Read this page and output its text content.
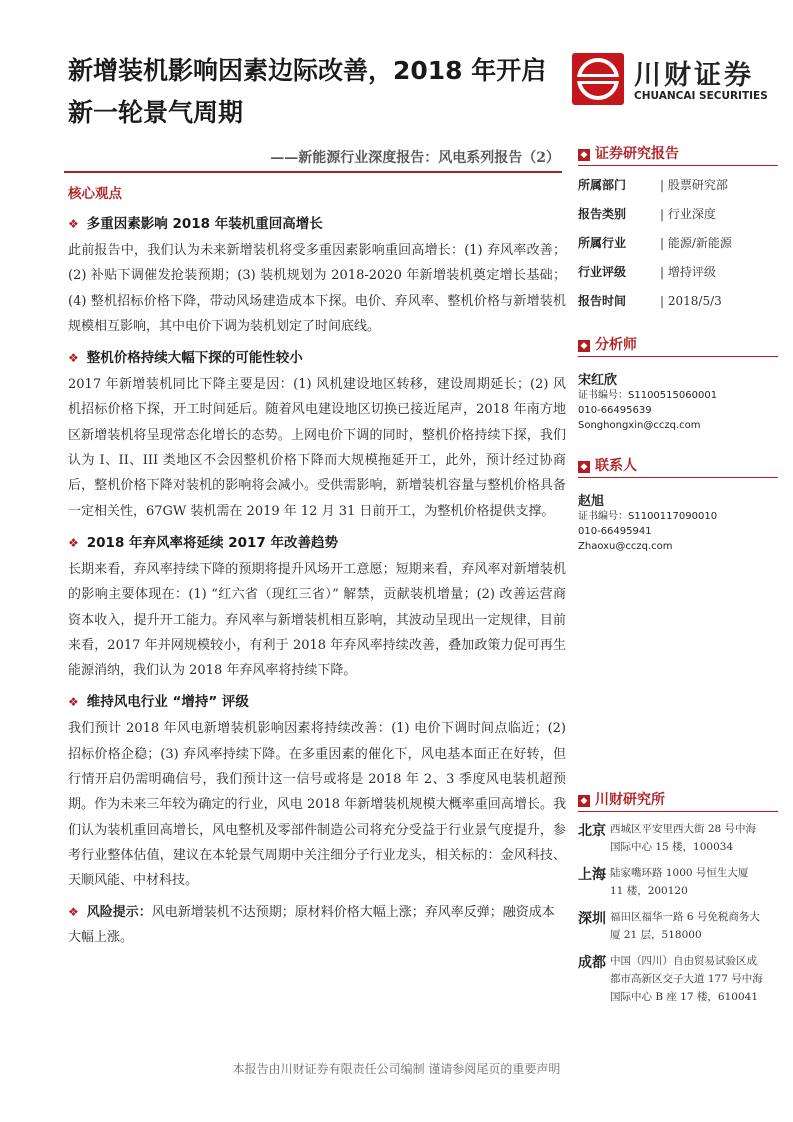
新增装机影响因素边际改善，2018 年开启
新一轮景气周期
川财证券
CHUANCAI SECURITIES
——新能源行业深度报告：风电系列报告（2）
核心观点
❖ 多重因素影响 2018 年装机重回高增长
此前报告中，我们认为未来新增装机将受多重因素影响重回高增长：(1) 弃风率改善；(2) 补贴下调催发抢装预期；(3) 装机规划为 2018-2020 年新增装机奠定增长基础；(4) 整机招标价格下降，带动风场建造成本下探。电价、弃风率、整机价格与新增装机规模相互影响，其中电价下调为装机划定了时间底线。
❖ 整机价格持续大幅下探的可能性较小
2017 年新增装机同比下降主要是因：(1) 风机建设地区转移，建设周期延长；(2) 风机招标价格下探，开工时间延后。随着风电建设地区切换已接近尾声，2018 年南方地区新增装机将呈现常态化增长的态势。上网电价下调的同时，整机价格持续下探，我们认为 I、II、III 类地区不会因整机价格下降而大规模拖延开工，此外，预计经过协商后，整机价格下降对装机的影响将会减小。受供需影响，新增装机容量与整机价格具备一定相关性，67GW 装机需在 2019 年 12 月 31 日前开工，为整机价格提供支撑。
❖ 2018 年弃风率将延续 2017 年改善趋势
长期来看，弃风率持续下降的预期将提升风场开工意愿；短期来看，弃风率对新增装机的影响主要体现在：(1) “红六省（现红三省）” 解禁，贡献装机增量；(2) 改善运营商资本收入，提升开工能力。弃风率与新增装机相互影响，其波动呈现出一定规律，目前来看，2017 年并网规模较小，有利于 2018 年弃风率持续改善，叠加政策力促可再生能源消纳，我们认为 2018 年弃风率将持续下降。
❖ 维持风电行业 “增持” 评级
我们预计 2018 年风电新增装机影响因素将持续改善：(1) 电价下调时间点临近；(2) 招标价格企稳；(3) 弃风率持续下降。在多重因素的催化下，风电基本面正在好转，但行情开启仍需明确信号，我们预计这一信号或将是 2018 年 2、3 季度风电装机超预期。作为未来三年较为确定的行业，风电 2018 年新增装机规模大概率重回高增长。我们认为装机重回高增长，风电整机及零部件制造公司将充分受益于行业景气度提升，参考行业整体估值，建议在本轮景气周期中关注细分子行业龙头，相关标的：金风科技、天顺风能、中材科技。
❖ 风险提示：风电新增装机不达预期；原材料价格大幅上涨；弃风率反弹；融资成本大幅上涨。
◆ 证券研究报告
所属部门	| 股票研究部
报告类别	| 行业深度
所属行业	| 能源/新能源
行业评级	| 增持评级
报告时间	| 2018/5/3
◆ 分析师
宋红欣
证书编号：S1100515060001
010-66495639
Songhongxin@cczq.com
◆ 联系人
赵旭
证书编号：S1100117090010
010-66495941
Zhaoxu@cczq.com
◆ 川财研究所
北京 西城区平安里西大街 28 号中海国际中心 15 楼，100034
上海 陆家嘴环路 1000 号恒生大厦 11 楼，200120
深圳 福田区福华一路 6 号免税商务大厦 21 层，518000
成都 中国（四川）自由贸易试验区成都市高新区交子大道 177 号中海国际中心 B 座 17 楼，610041
本报告由川财证券有限责任公司编制 谨请参阅尾页的重要声明
